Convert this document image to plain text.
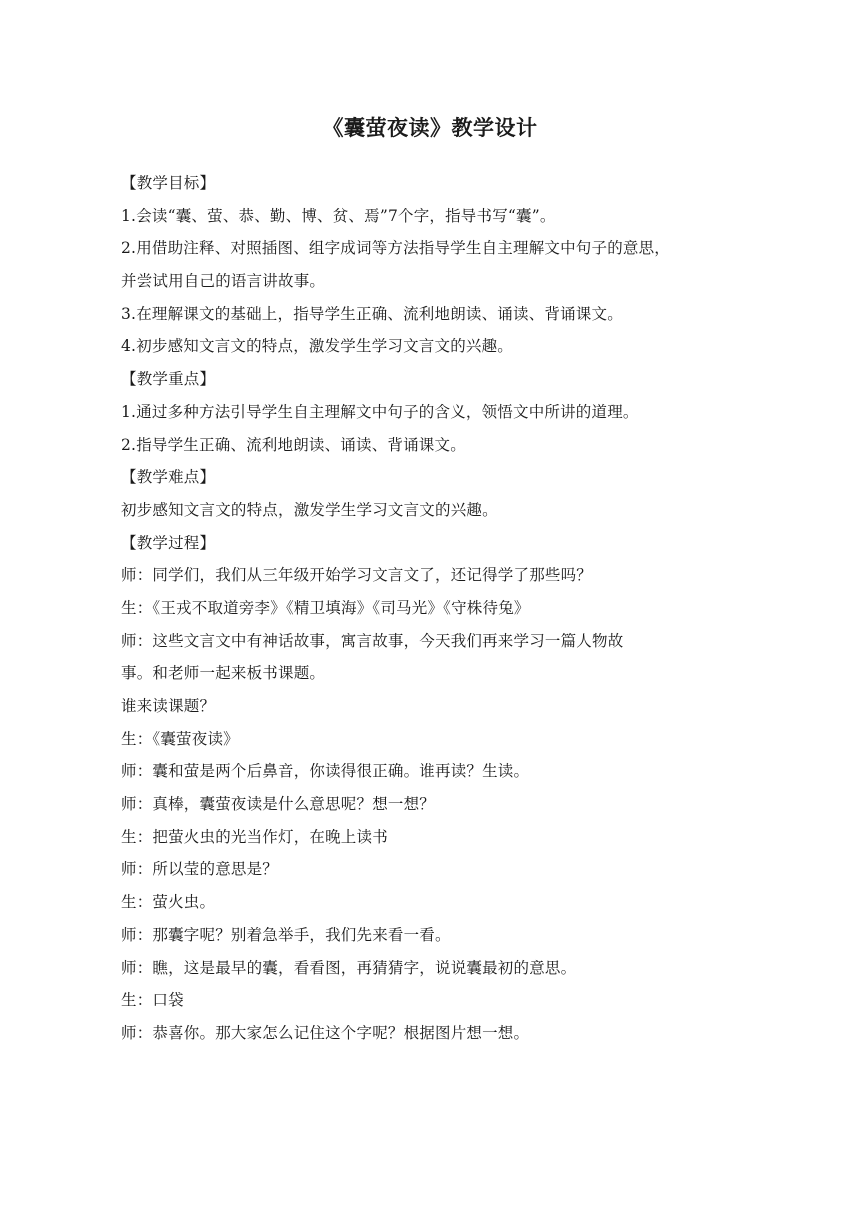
《囊萤夜读》教学设计
【教学目标】
1.会读“囊、萤、恭、勤、博、贫、焉”7个字，指导书写“囊”。
2.用借助注释、对照插图、组字成词等方法指导学生自主理解文中句子的意思，
并尝试用自己的语言讲故事。
3.在理解课文的基础上，指导学生正确、流利地朗读、诵读、背诵课文。
4.初步感知文言文的特点，激发学生学习文言文的兴趣。
【教学重点】
1.通过多种方法引导学生自主理解文中句子的含义，领悟文中所讲的道理。
2.指导学生正确、流利地朗读、诵读、背诵课文。
【教学难点】
初步感知文言文的特点，激发学生学习文言文的兴趣。
【教学过程】
师：同学们，我们从三年级开始学习文言文了，还记得学了那些吗？
生：《王戎不取道旁李》《精卫填海》《司马光》《守株待兔》
师：这些文言文中有神话故事，寓言故事，今天我们再来学习一篇人物故
事。和老师一起来板书课题。
谁来读课题？
生：《囊萤夜读》
师：囊和萤是两个后鼻音，你读得很正确。谁再读？生读。
师：真棒，囊萤夜读是什么意思呢？想一想？
生：把萤火虫的光当作灯，在晚上读书
师：所以莹的意思是？
生：萤火虫。
师：那囊字呢？别着急举手，我们先来看一看。
师：瞧，这是最早的囊，看看图，再猜猜字，说说囊最初的意思。
生：口袋
师：恭喜你。那大家怎么记住这个字呢？根据图片想一想。
